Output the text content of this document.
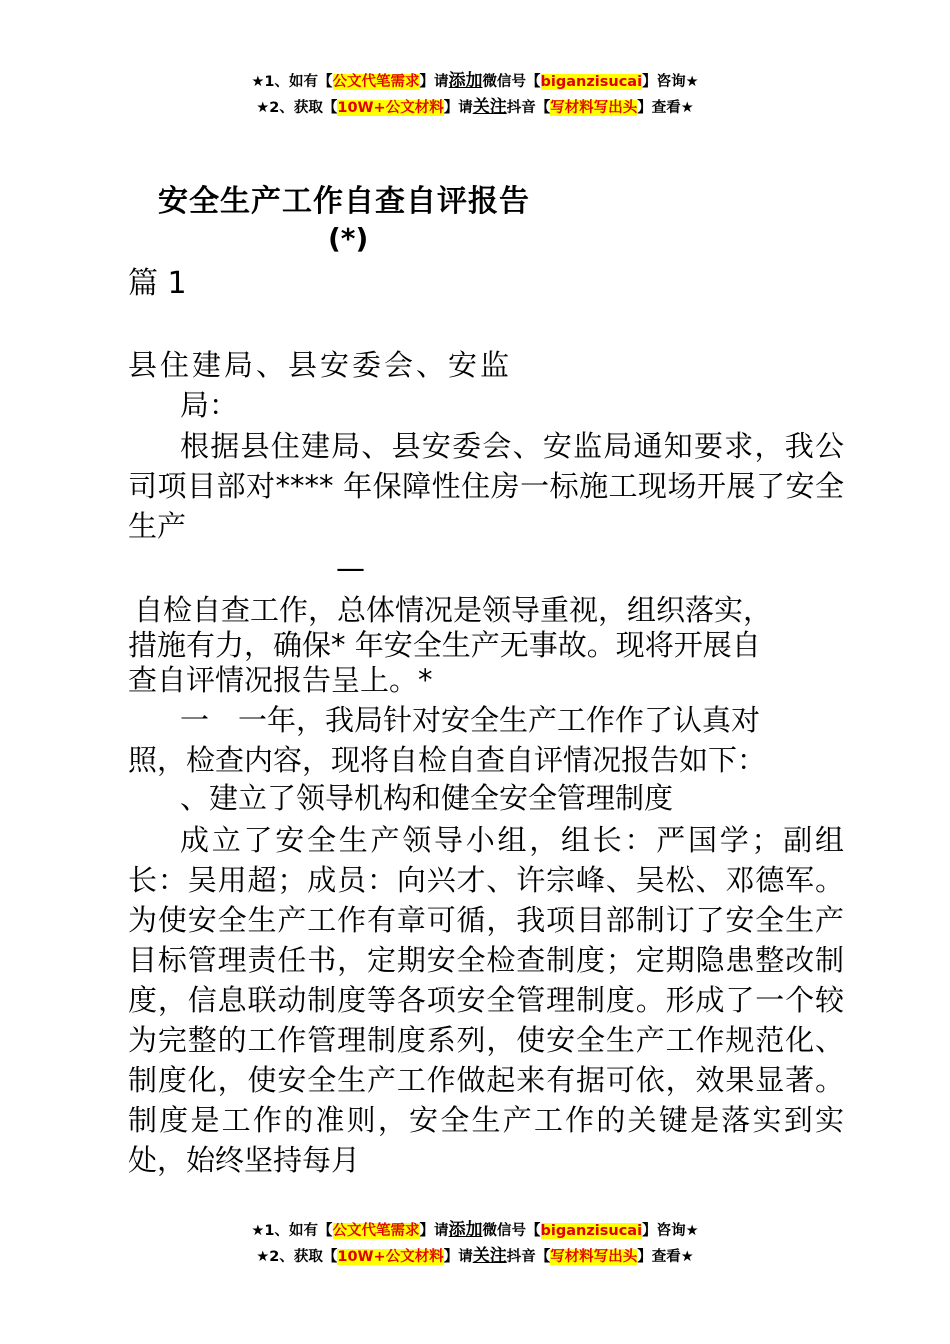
★1、如有【公文代笔需求】请添加微信号【biganzisucai】咨询★
★2、获取【10W+公文材料】请关注抖音【写材料写出头】查看★
安全生产工作自查自评报告
(*)
篇 1
县住建局、县安委会、安监
局：
根据县住建局、县安委会、安监局通知要求，我公司项目部对**** 年保障性住房一标施工现场开展了安全生产
—
自检自查工作，总体情况是领导重视，组织落实，
措施有力，确保* 年安全生产无事故。现将开展自
查自评情况报告呈上。*
一　一年，我局针对安全生产工作作了认真对
照，检查内容，现将自检自查自评情况报告如下：
、建立了领导机构和健全安全管理制度
成立了安全生产领导小组，组长：严国学；副组长：吴用超；成员：向兴才、许宗峰、吴松、邓德军。为使安全生产工作有章可循，我项目部制订了安全生产目标管理责任书，定期安全检查制度；定期隐患整改制度，信息联动制度等各项安全管理制度。形成了一个较为完整的工作管理制度系列，使安全生产工作规范化、制度化，使安全生产工作做起来有据可依，效果显著。制度是工作的准则，安全生产工作的关键是落实到实处，始终坚持每月
★1、如有【公文代笔需求】请添加微信号【biganzisucai】咨询★
★2、获取【10W+公文材料】请关注抖音【写材料写出头】查看★
